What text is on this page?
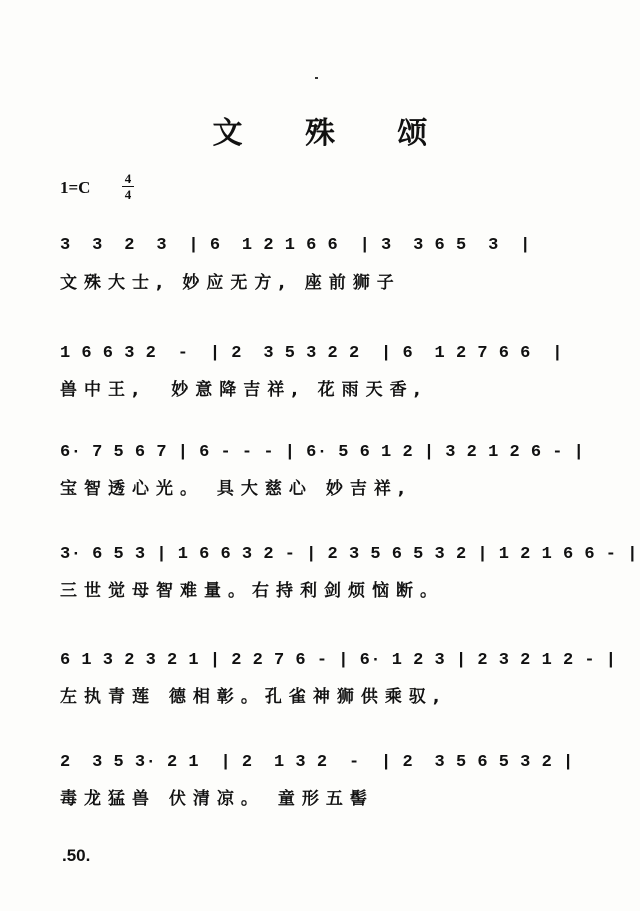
文 殊 颂
1=C	4
4
3  3  2  3  | 6  1 2 1 6 6  | 3  3 6 5  3  |
文殊大士, 妙应无方, 座前狮子
1 6 6 3 2  -  | 2  3 5 3 2 2  | 6  1 2 7 6 6  |
兽中王,  妙意降吉祥, 花雨天香,
6· 7 5 6 7 | 6 - - - | 6· 5 6 1 2 | 3 2 1 2 6 - |
宝智透心光。 具大慈心 妙吉祥,
3· 6 5 3 | 1 6 6 3 2 - | 2 3 5 6 5 3 2 | 1 2 1 6 6 - |
三世觉母智难量。右持利剑烦恼断。
6 1 3 2 3 2 1 | 2 2 7 6 - | 6· 1 2 3 | 2 3 2 1 2 - |
左执青莲 德相彰。孔雀神狮供乘驭,
2  3 5 3· 2 1  | 2  1 3 2  -  | 2  3 5 6 5 3 2 |
毒龙猛兽 伏清凉。 童形五髻
.50.
